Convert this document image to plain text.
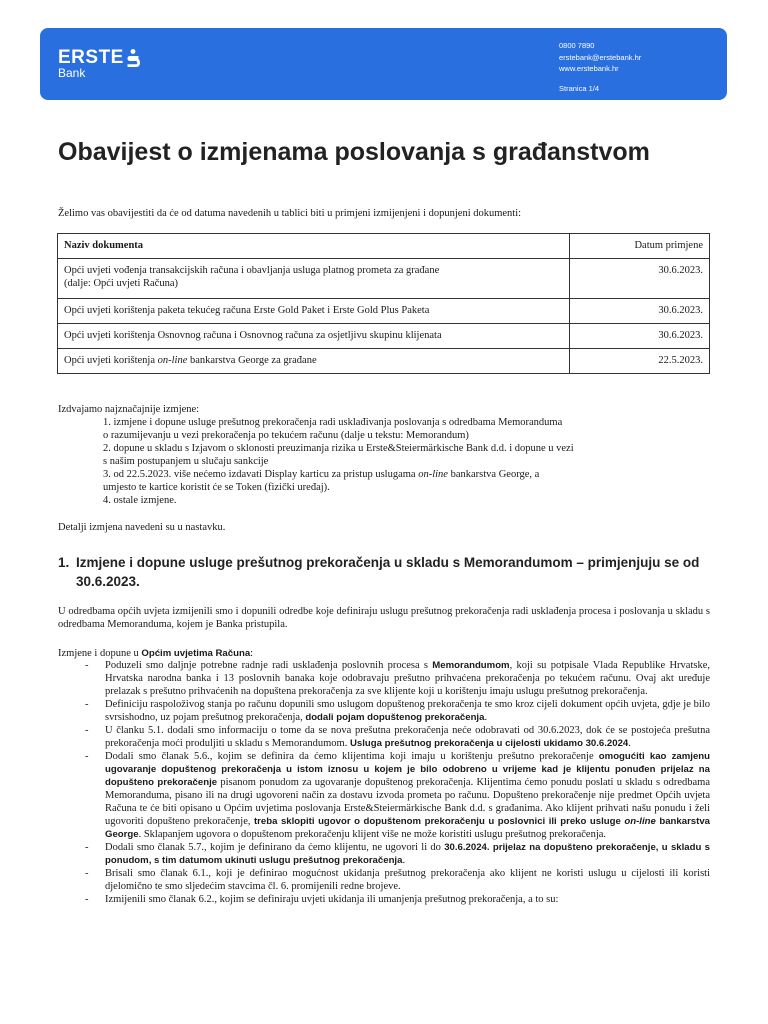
ERSTE
Bank
0800 7890
erstebank@erstebank.hr
www.erstebank.hr
Stranica 1/4
Obavijest o izmjenama poslovanja s građanstvom

Želimo vas obavijestiti da će od datuma navedenih u tablici biti u primjeni izmijenjeni i dopunjeni dokumenti:

Naziv dokumenta	Datum primjene

Opći uvjeti vođenja transakcijskih računa i obavljanja usluga platnog prometa za građane
(dalje: Opći uvjeti Računa)	30.6.2023.
Opći uvjeti korištenja paketa tekućeg računa Erste Gold Paket i Erste Gold Plus Paketa	30.6.2023.
Opći uvjeti korištenja Osnovnog računa i Osnovnog računa za osjetljivu skupinu klijenata	30.6.2023.
Opći uvjeti korištenja on-line bankarstva George za građane	22.5.2023.
Izdvajamo najznačajnije izmjene:
1. izmjene i dopune usluge prešutnog prekoračenja radi usklađivanja poslovanja s odredbama Memoranduma
o razumijevanju u vezi prekoračenja po tekućem računu (dalje u tekstu: Memorandum)
2. dopune u skladu s Izjavom o sklonosti preuzimanja rizika u Erste&Steiermärkische Bank d.d. i dopune u vezi
s našim postupanjem u slučaju sankcije
3. od 22.5.2023. više nećemo izdavati Display karticu za pristup uslugama on-line bankarstva George, a
umjesto te kartice koristit će se Token (fizički uređaj).
4. ostale izmjene.

Detalji izmjena navedeni su u nastavku.

1. Izmjene i dopune usluge prešutnog prekoračenja u skladu s Memorandumom – primjenjuju se od
30.6.2023.

U odredbama općih uvjeta izmijenili smo i dopunili odredbe koje definiraju uslugu prešutnog prekoračenja radi usklađenja procesa i poslovanja u skladu s odredbama Memoranduma, kojem je Banka pristupila.

Izmjene i dopune u Općim uvjetima Računa:

- Poduzeli smo daljnje potrebne radnje radi usklađenja poslovnih procesa s Memorandumom, koji su potpisale Vlada Republike Hrvatske, Hrvatska narodna banka i 13 poslovnih banaka koje odobravaju prešutno prihvaćena prekoračenja po tekućem računu. Ovaj akt uređuje prelazak s prešutno prihvaćenih na dopuštena prekoračenja za sve klijente koji u korištenju imaju uslugu prešutnog prekoračenja.
- Definiciju raspoloživog stanja po računu dopunili smo uslugom dopuštenog prekoračenja te smo kroz cijeli dokument općih uvjeta, gdje je bilo svrsishodno, uz pojam prešutnog prekoračenja, dodali pojam dopuštenog prekoračenja.
- U članku 5.1. dodali smo informaciju o tome da se nova prešutna prekoračenja neće odobravati od 30.6.2023, dok će se postojeća prešutna prekoračenja moći produljiti u skladu s Memorandumom. Usluga prešutnog prekoračenja u cijelosti ukidamo 30.6.2024.
- Dodali smo članak 5.6., kojim se definira da ćemo klijentima koji imaju u korištenju prešutno prekoračenje omogućiti kao zamjenu ugovaranje dopuštenog prekoračenja u istom iznosu u kojem je bilo odobreno u vrijeme kad je klijentu ponuđen prijelaz na dopušteno prekoračenje pisanom ponudom za ugovaranje dopuštenog prekoračenja. Klijentima ćemo ponudu poslati u skladu s odredbama Memoranduma, pisano ili na drugi ugovoreni način za dostavu izvoda prometa po računu. Dopušteno prekoračenje nije predmet Općih uvjeta Računa te će biti opisano u Općim uvjetima poslovanja Erste&Steiermärkische Bank d.d. s građanima. Ako klijent prihvati našu ponudu i želi ugovoriti dopušteno prekoračenje, treba sklopiti ugovor o dopuštenom prekoračenju u poslovnici ili preko usluge on-line bankarstva George. Sklapanjem ugovora o dopuštenom prekoračenju klijent više ne može koristiti uslugu prešutnog prekoračenja.
- Dodali smo članak 5.7., kojim je definirano da ćemo klijentu, ne ugovori li do 30.6.2024. prijelaz na dopušteno prekoračenje, u skladu s ponudom, s tim datumom ukinuti uslugu prešutnog prekoračenja.
- Brisali smo članak 6.1., koji je definirao mogućnost ukidanja prešutnog prekoračenja ako klijent ne koristi uslugu u cijelosti ili koristi djelomično te smo sljedećim stavcima čl. 6. promijenili redne brojeve.
- Izmijenili smo članak 6.2., kojim se definiraju uvjeti ukidanja ili umanjenja prešutnog prekoračenja, a to su:
